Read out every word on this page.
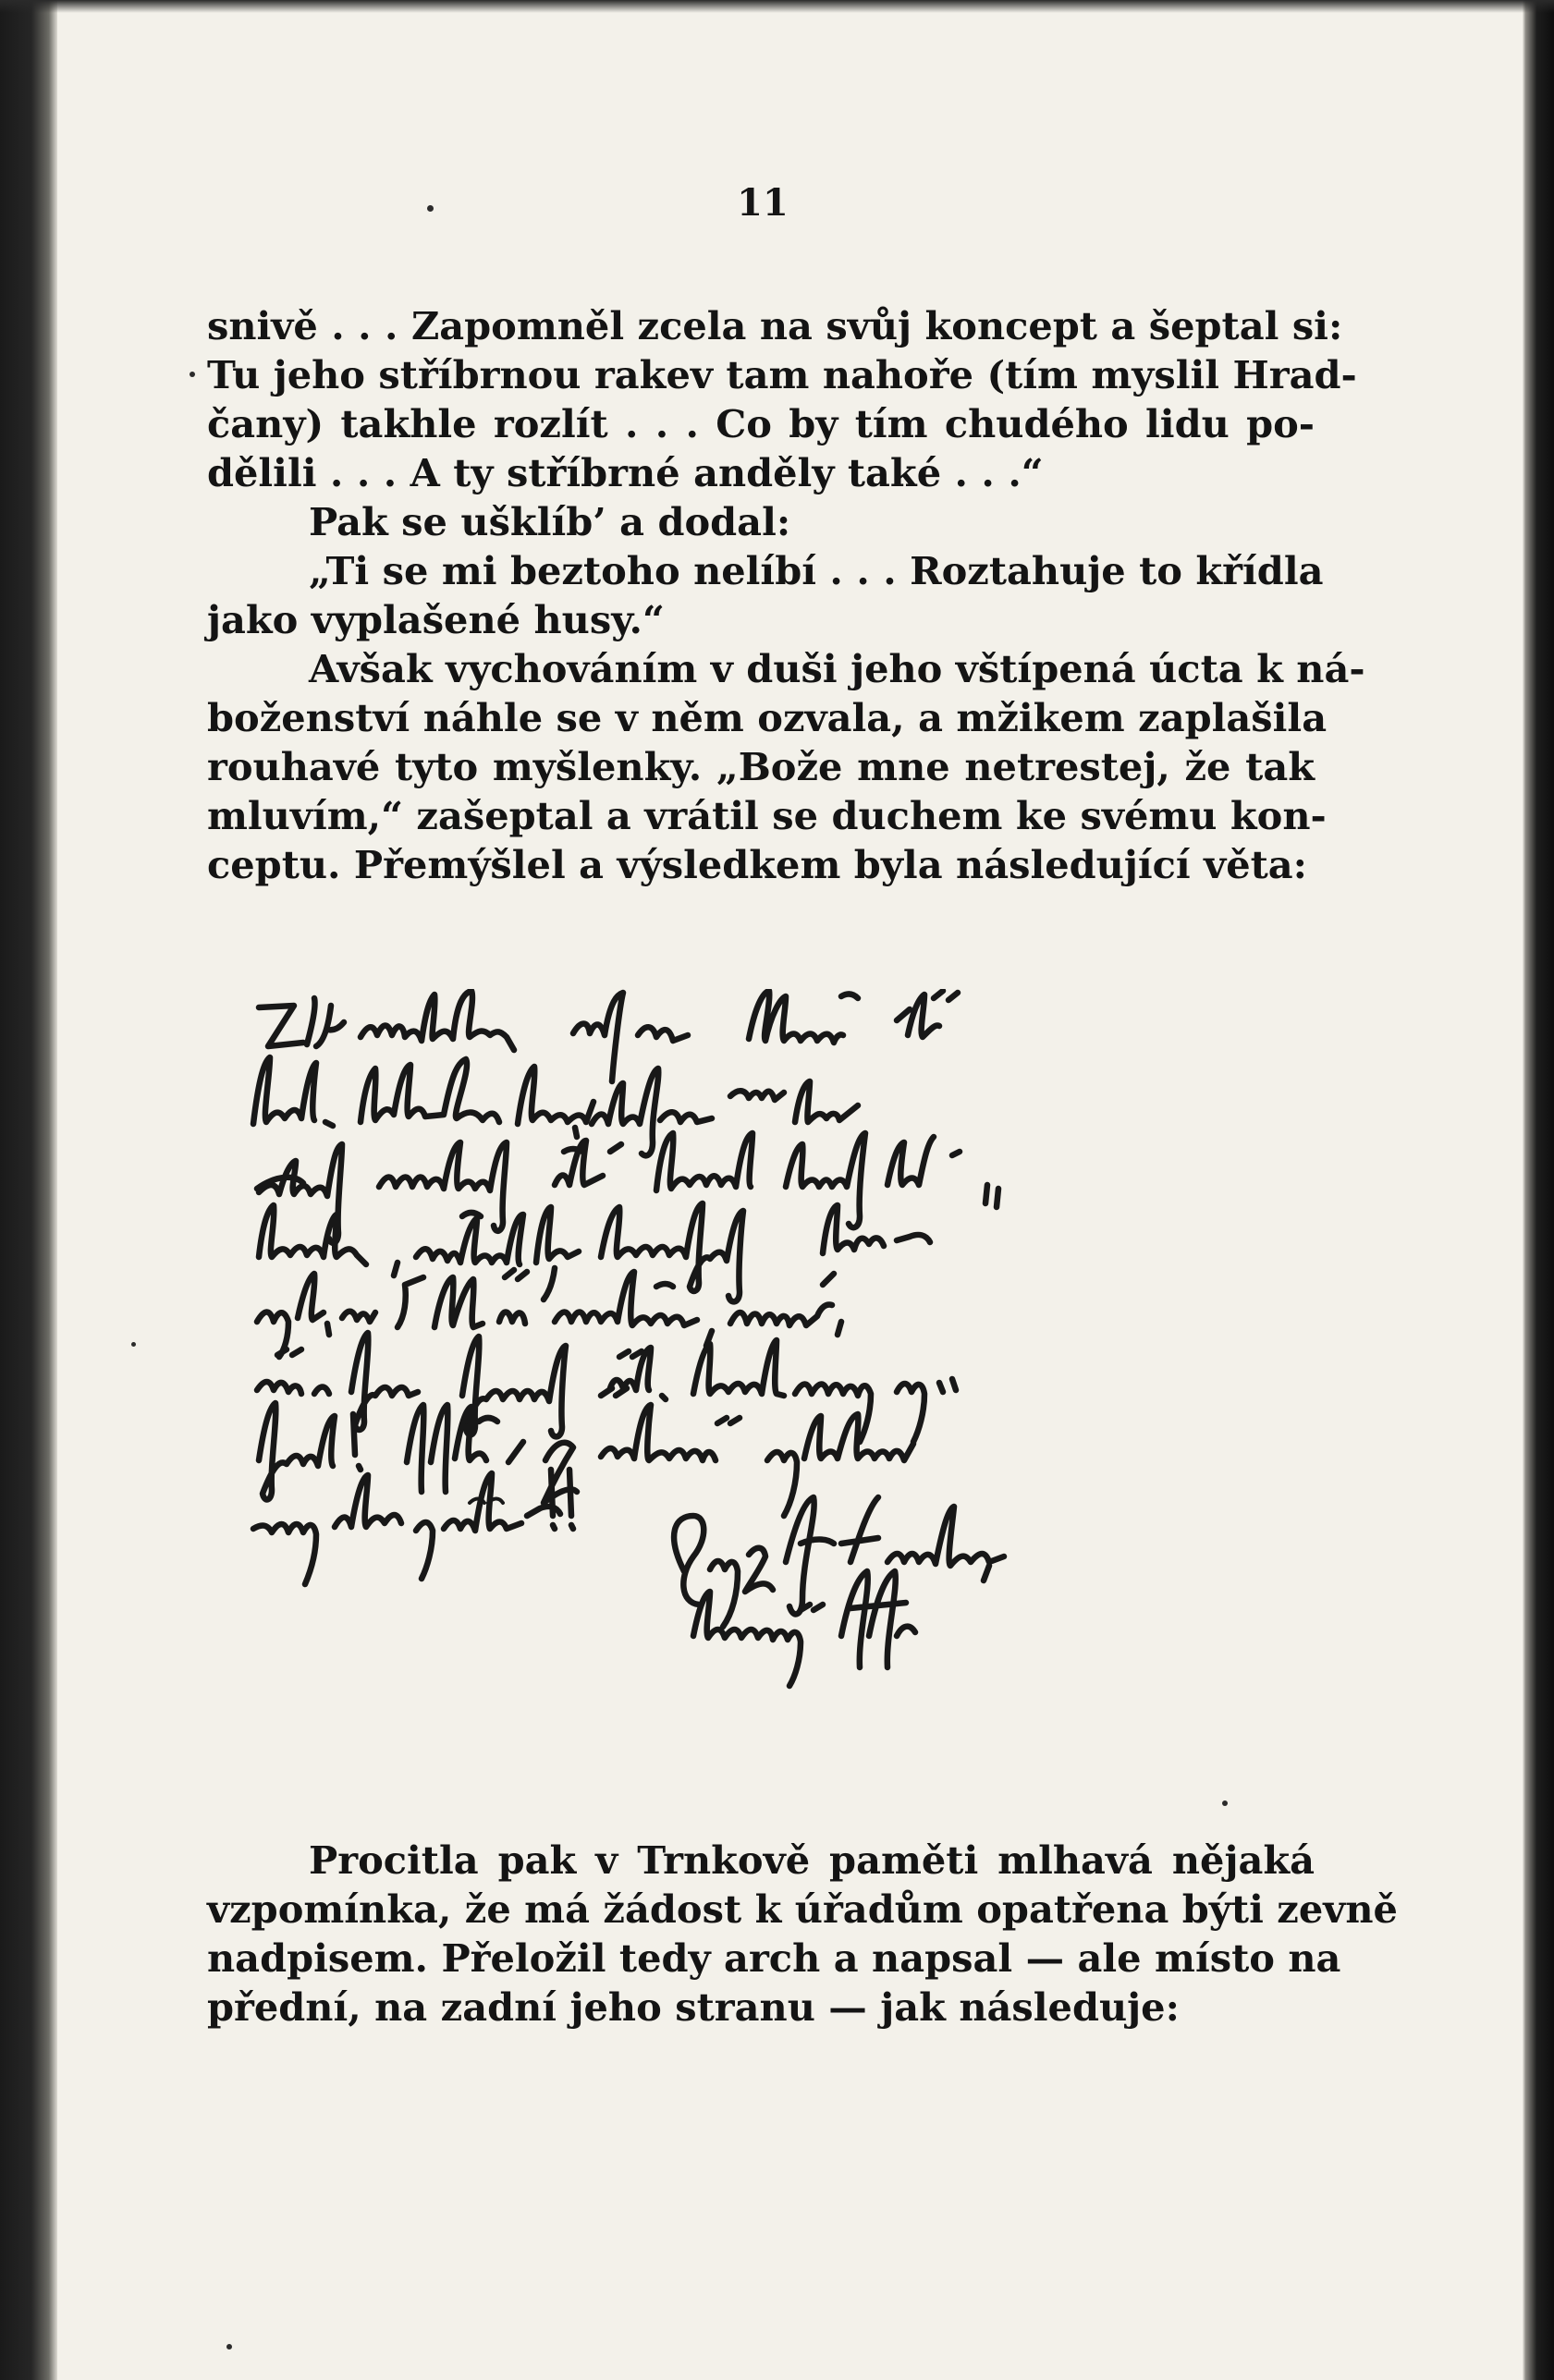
11

snivě . . . Zapomněl zcela na svůj koncept a šeptal si:
Tu jeho stříbrnou rakev tam nahoře (tím myslil Hrad-
čany) takhle rozlít . . . Co by tím chudého lidu po-
dělili . . . A ty stříbrné anděly také . . .“
Pak se ušklíb’ a dodal:
„Ti se mi beztoho nelíbí . . . Roztahuje to křídla
jako vyplašené husy.“
Avšak vychováním v duši jeho vštípená úcta k ná-
boženství náhle se v něm ozvala, a mžikem zaplašila
rouhavé tyto myšlenky. „Bože mne netrestej, že tak
mluvím,“ zašeptal a vrátil se duchem ke svému kon-
ceptu. Přemýšlel a výsledkem byla následující věta:
Procitla pak v Trnkově paměti mlhavá nějaká
vzpomínka, že má žádost k úřadům opatřena býti zevně
nadpisem. Přeložil tedy arch a napsal — ale místo na
přední, na zadní jeho stranu — jak následuje:
